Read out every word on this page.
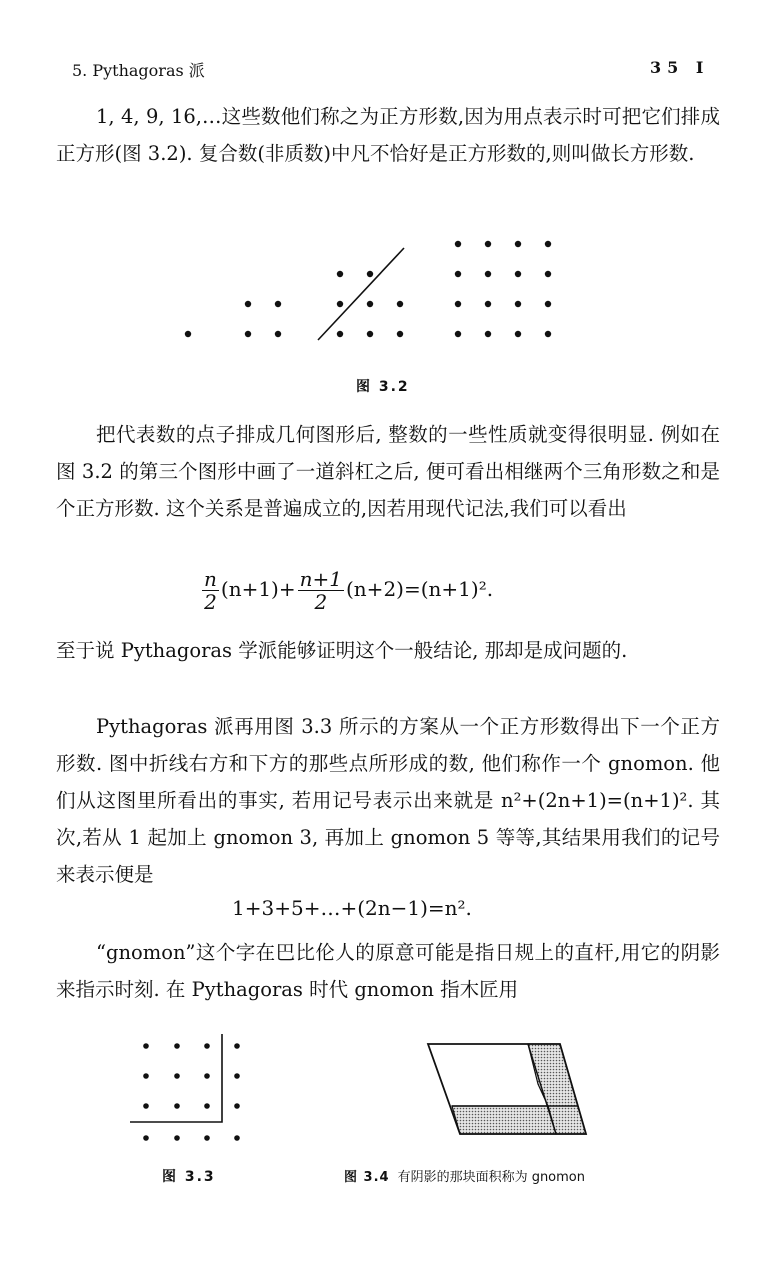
5. Pythagoras 派	35 I

1, 4, 9, 16,…这些数他们称之为正方形数,因为用点表示时可把它们排成正方形(图 3.2). 复合数(非质数)中凡不恰好是正方形数的,则叫做长方形数.

图 3.2

把代表数的点子排成几何图形后, 整数的一些性质就变得很明显. 例如在图 3.2 的第三个图形中画了一道斜杠之后, 便可看出相继两个三角形数之和是个正方形数. 这个关系是普遍成立的,因若用现代记法,我们可以看出

$\frac{n}{2} (n+1)+ \frac{n+1}{2} (n+2)=(n+1)^2$.

至于说 Pythagoras 学派能够证明这个一般结论, 那却是成问题的.

Pythagoras 派再用图 3.3 所示的方案从一个正方形数得出下一个正方形数. 图中折线右方和下方的那些点所形成的数, 他们称作一个 gnomon. 他们从这图里所看出的事实, 若用记号表示出来就是 n²+(2n+1)=(n+1)². 其次,若从 1 起加上 gnomon 3, 再加上 gnomon 5 等等,其结果用我们的记号来表示便是

1+3+5+…+(2n−1)=n².

“gnomon”这个字在巴比伦人的原意可能是指日规上的直杆,用它的阴影来指示时刻. 在 Pythagoras 时代 gnomon 指木匠用

图 3.3	图 3.4 有阴影的那块面积称为 gnomon
